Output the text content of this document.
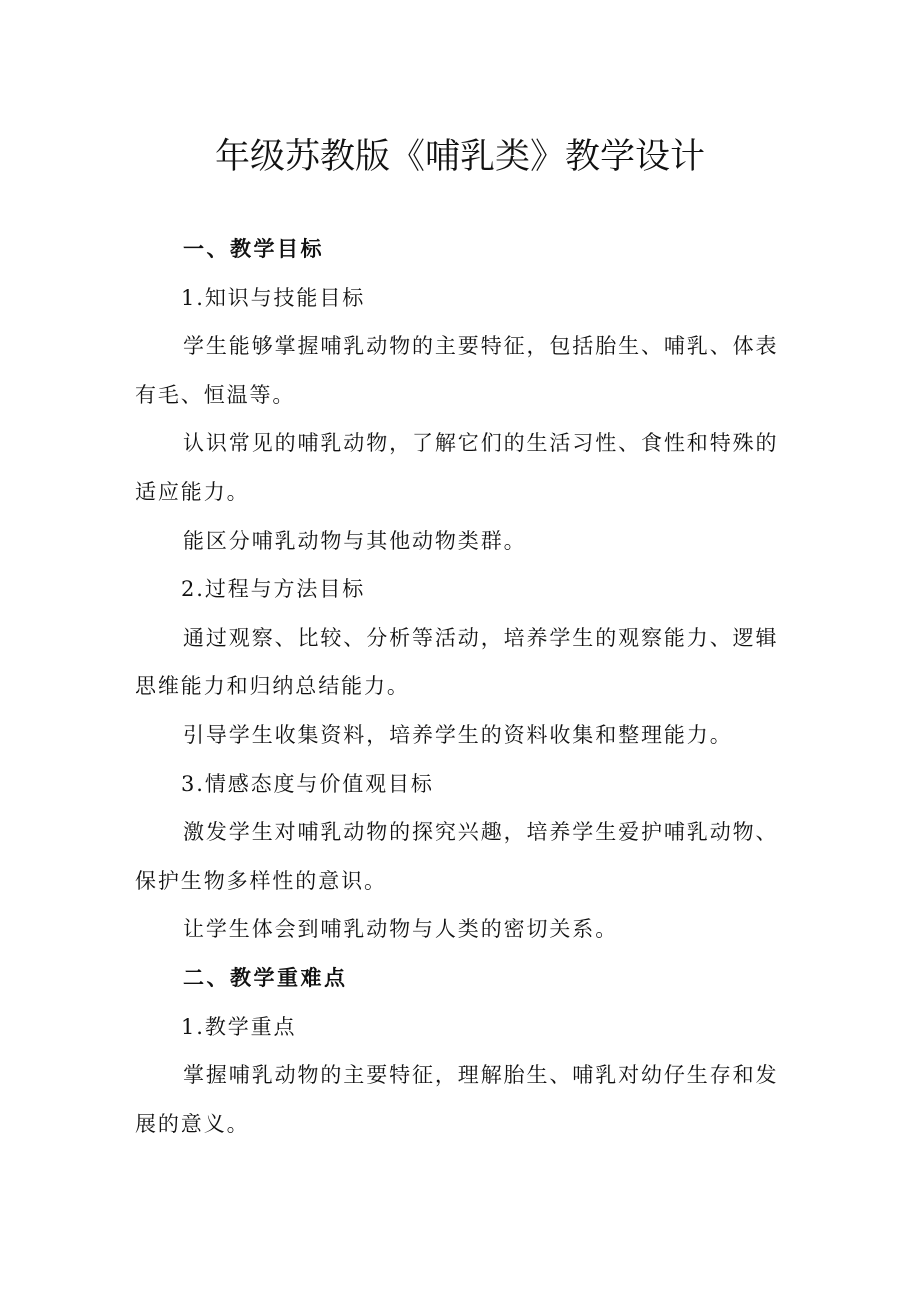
年级苏教版《哺乳类》教学设计
一、教学目标
1.知识与技能目标
学生能够掌握哺乳动物的主要特征，包括胎生、哺乳、体表
有毛、恒温等。
认识常见的哺乳动物，了解它们的生活习性、食性和特殊的
适应能力。
能区分哺乳动物与其他动物类群。
2.过程与方法目标
通过观察、比较、分析等活动，培养学生的观察能力、逻辑
思维能力和归纳总结能力。
引导学生收集资料，培养学生的资料收集和整理能力。
3.情感态度与价值观目标
激发学生对哺乳动物的探究兴趣，培养学生爱护哺乳动物、
保护生物多样性的意识。
让学生体会到哺乳动物与人类的密切关系。
二、教学重难点
1.教学重点
掌握哺乳动物的主要特征，理解胎生、哺乳对幼仔生存和发
展的意义。
